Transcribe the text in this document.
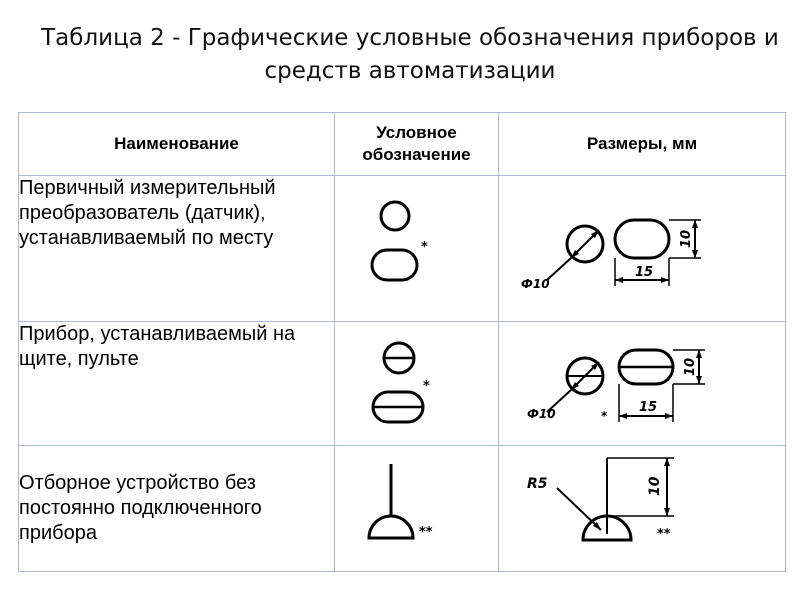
Таблица 2 - Графические условные обозначения приборов и
средств автоматизации
Наименование	Условное обозначение	Размеры, мм
Первичный измерительный преобразователь (датчик), устанавливаемый по месту	*	Ф10
10
15

Прибор, устанавливаемый на щите, пульте	*	Ф10 *
10
15

Отборное устройство без постоянно подключенного прибора	**	10
R5
**
